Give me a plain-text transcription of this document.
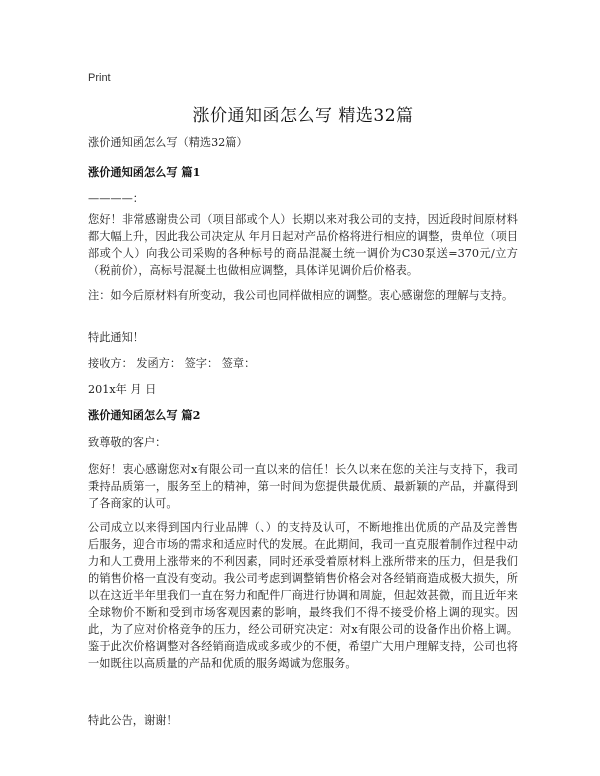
Print
涨价通知函怎么写 精选32篇
涨价通知函怎么写（精选32篇）
涨价通知函怎么写 篇1
————：
您好！非常感谢贵公司（项目部或个人）长期以来对我公司的支持，因近段时间原材料都大幅上升，因此我公司决定从 年月日起对产品价格将进行相应的调整，贵单位（项目部或个人）向我公司采购的各种标号的商品混凝土统一调价为C30泵送=370元/立方（税前价），高标号混凝土也做相应调整，具体详见调价后价格表。
注：如今后原材料有所变动，我公司也同样做相应的调整。衷心感谢您的理解与支持。
特此通知！
接收方： 发函方： 签字： 签章：
201x年 月 日
涨价通知函怎么写 篇2
致尊敬的客户：
您好！衷心感谢您对x有限公司一直以来的信任！长久以来在您的关注与支持下，我司秉持品质第一，服务至上的精神，第一时间为您提供最优质、最新颖的产品，并赢得到了各商家的认可。
公司成立以来得到国内行业品牌（、）的支持及认可，不断地推出优质的产品及完善售后服务，迎合市场的需求和适应时代的发展。在此期间，我司一直克服着制作过程中动力和人工费用上涨带来的不利因素，同时还承受着原材料上涨所带来的压力，但是我们的销售价格一直没有变动。我公司考虑到调整销售价格会对各经销商造成极大损失，所以在这近半年里我们一直在努力和配件厂商进行协调和周旋，但起效甚微，而且近年来全球物价不断和受到市场客观因素的影响，最终我们不得不接受价格上调的现实。因此，为了应对价格竞争的压力，经公司研究决定：对x有限公司的设备作出价格上调。鉴于此次价格调整对各经销商造成或多或少的不便，希望广大用户理解支持，公司也将一如既往以高质量的产品和优质的服务竭诚为您服务。
特此公告，谢谢！
